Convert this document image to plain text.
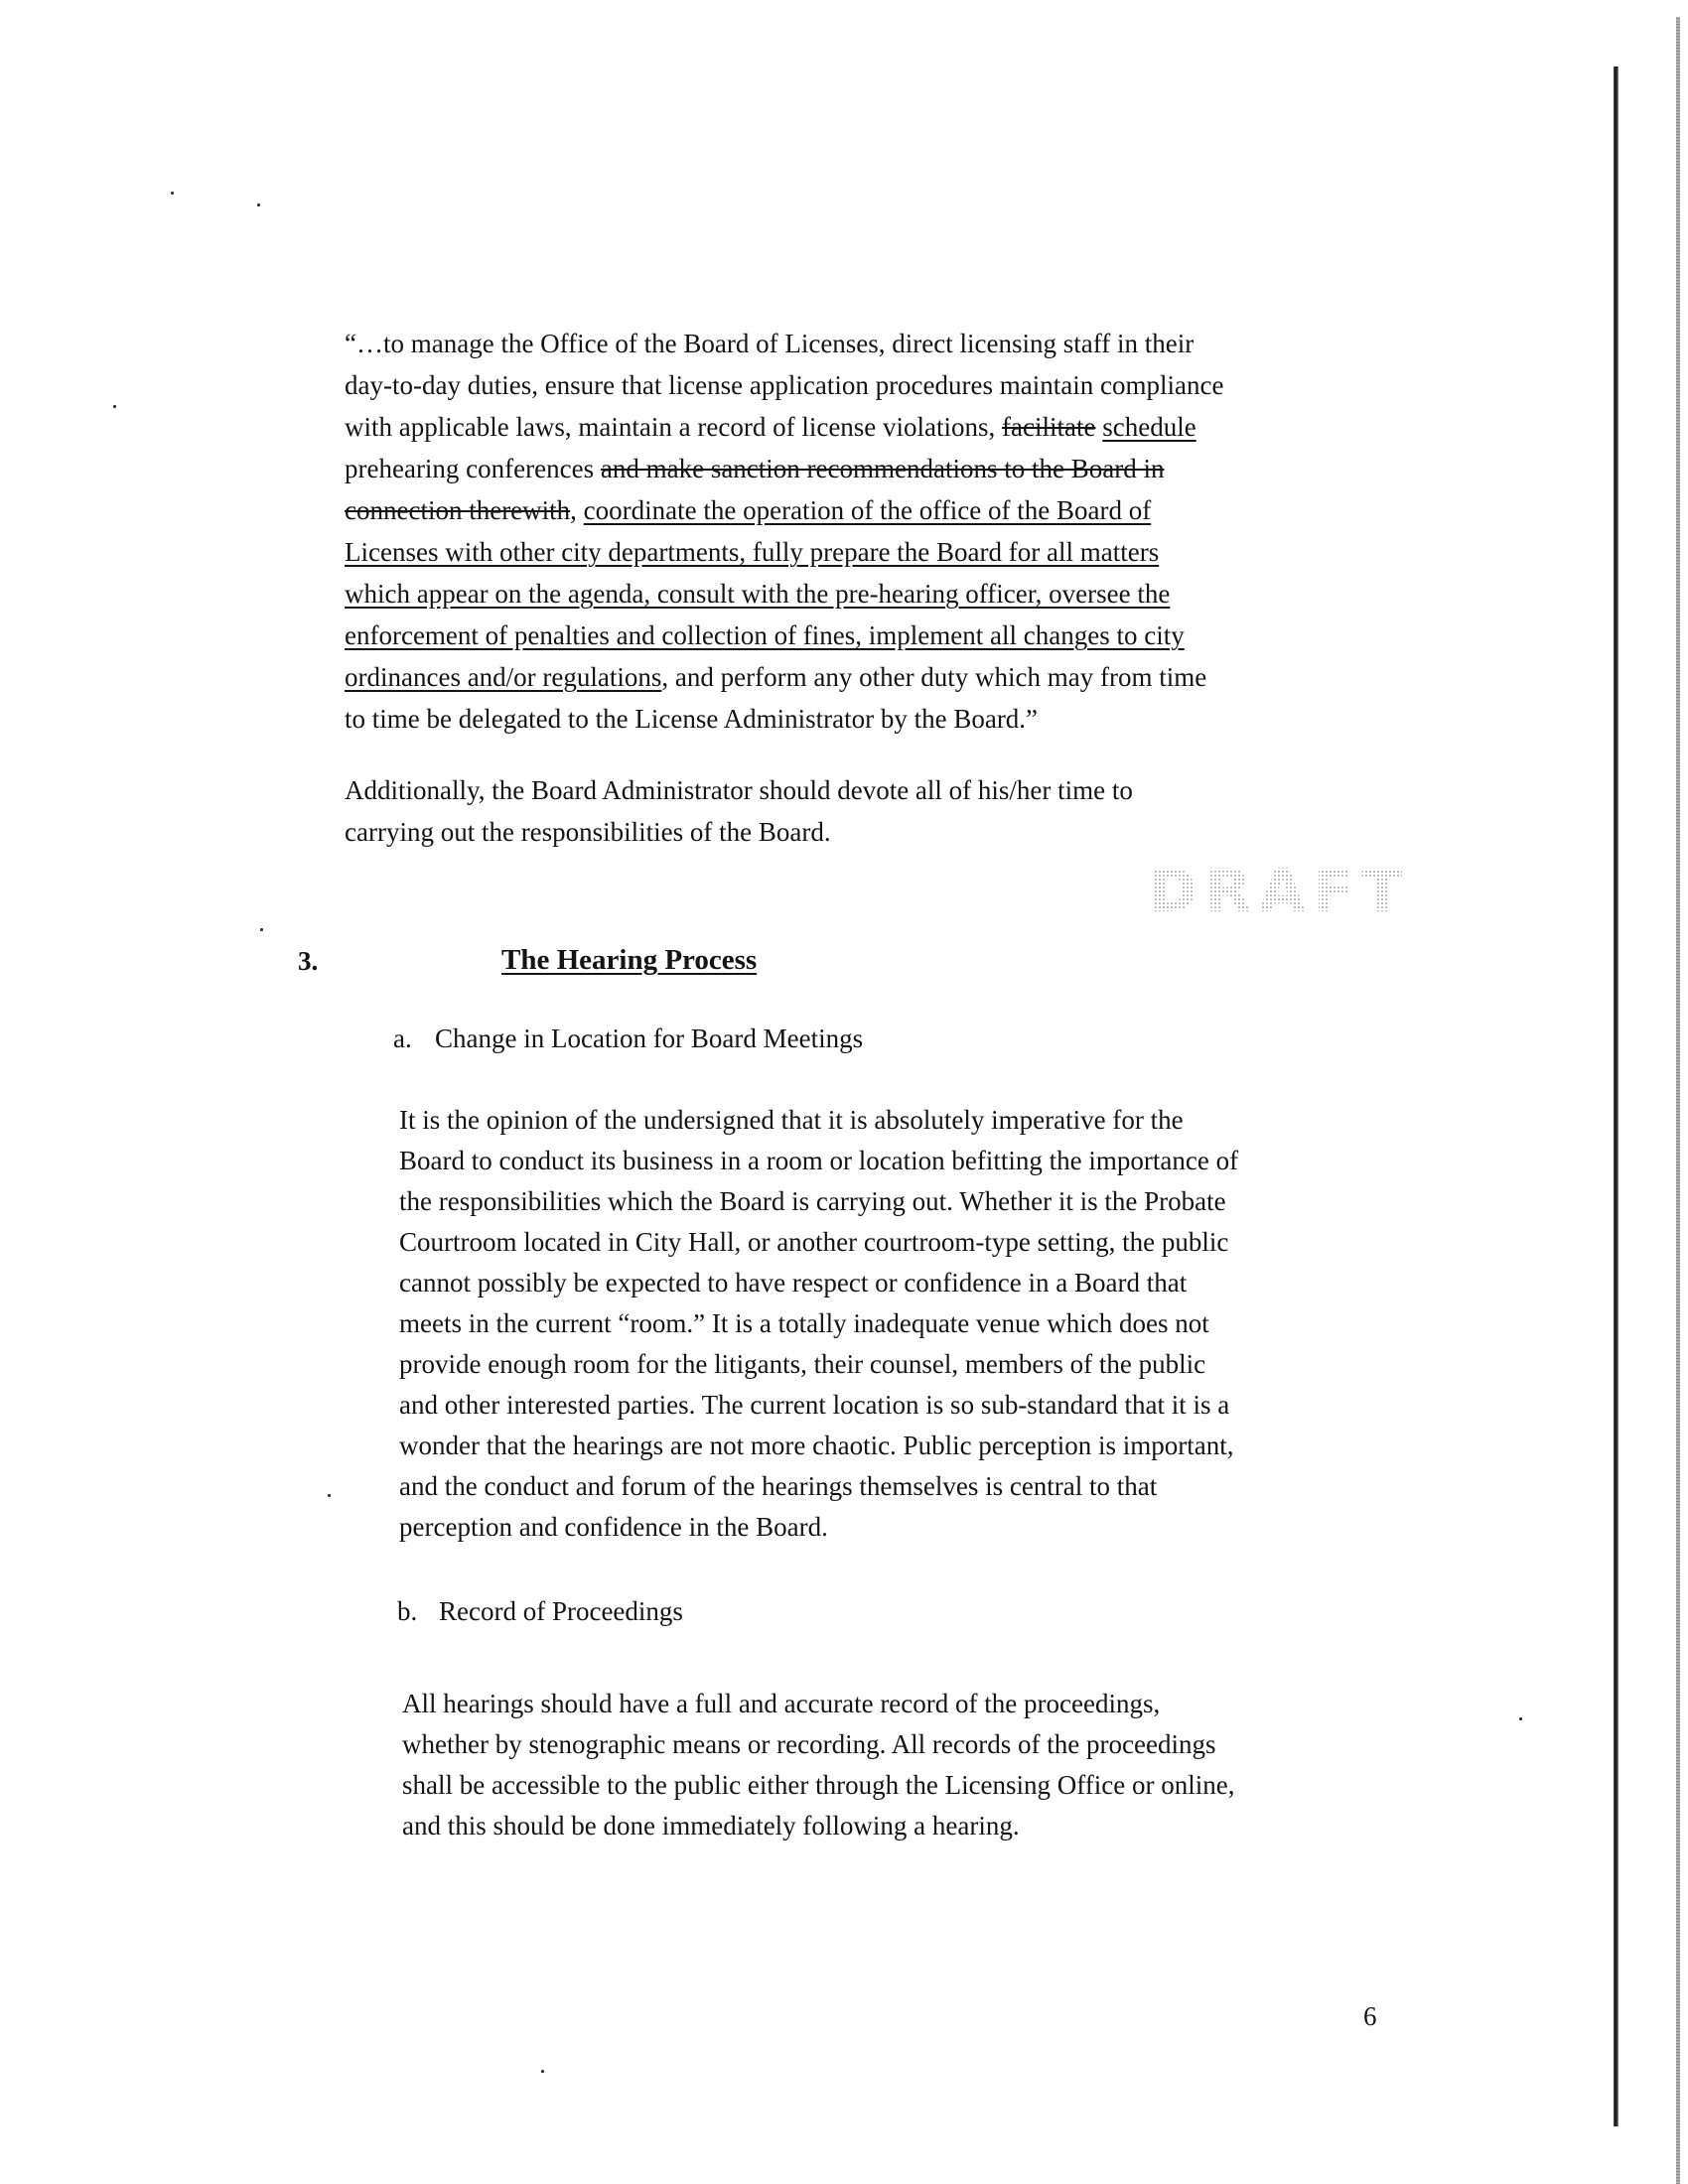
“…to manage the Office of the Board of Licenses, direct licensing staff in their
day-to-day duties, ensure that license application procedures maintain compliance
with applicable laws, maintain a record of license violations, facilitate schedule
prehearing conferences and make sanction recommendations to the Board in
connection therewith, coordinate the operation of the office of the Board of
Licenses with other city departments, fully prepare the Board for all matters
which appear on the agenda, consult with the pre-hearing officer, oversee the
enforcement of penalties and collection of fines, implement all changes to city
ordinances and/or regulations, and perform any other duty which may from time
to time be delegated to the License Administrator by the Board.”
Additionally, the Board Administrator should devote all of his/her time to
carrying out the responsibilities of the Board.
DRAFT
3.	The Hearing Process
a. Change in Location for Board Meetings
It is the opinion of the undersigned that it is absolutely imperative for the
Board to conduct its business in a room or location befitting the importance of
the responsibilities which the Board is carrying out. Whether it is the Probate
Courtroom located in City Hall, or another courtroom-type setting, the public
cannot possibly be expected to have respect or confidence in a Board that
meets in the current “room.” It is a totally inadequate venue which does not
provide enough room for the litigants, their counsel, members of the public
and other interested parties. The current location is so sub-standard that it is a
wonder that the hearings are not more chaotic. Public perception is important,
and the conduct and forum of the hearings themselves is central to that
perception and confidence in the Board.
b. Record of Proceedings
All hearings should have a full and accurate record of the proceedings,
whether by stenographic means or recording. All records of the proceedings
shall be accessible to the public either through the Licensing Office or online,
and this should be done immediately following a hearing.
6
